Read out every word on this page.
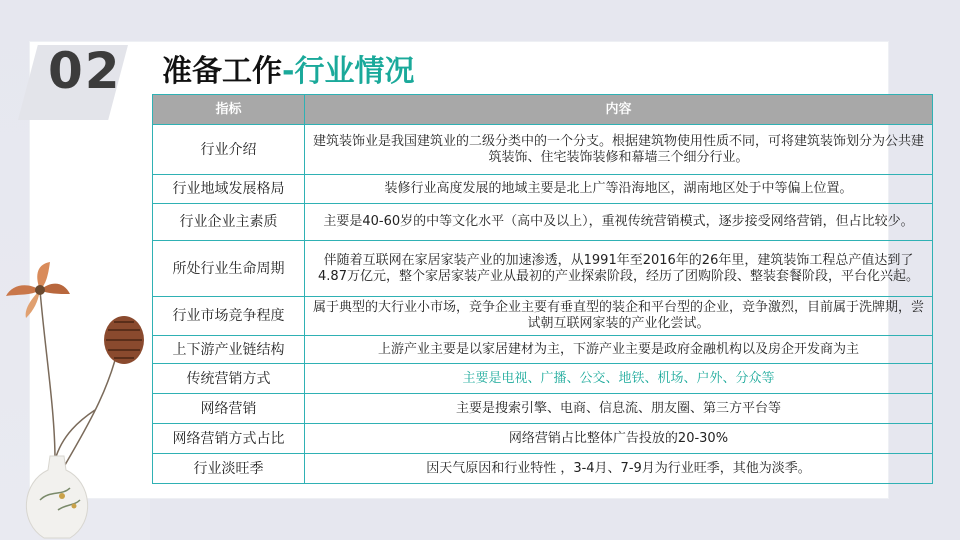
02 准备工作-行业情况
指标	内容
行业介绍	建筑装饰业是我国建筑业的二级分类中的一个分支。根据建筑物使用性质不同，可将建筑装饰划分为公共建筑装饰、住宅装饰装修和幕墙三个细分行业。
行业地域发展格局	装修行业高度发展的地域主要是北上广等沿海地区，湖南地区处于中等偏上位置。
行业企业主素质	主要是40-60岁的中等文化水平（高中及以上），重视传统营销模式，逐步接受网络营销，但占比较少。
所处行业生命周期	伴随着互联网在家居家装产业的加速渗透，从1991年至2016年的26年里，建筑装饰工程总产值达到了4.87万亿元，整个家居家装产业从最初的产业探索阶段，经历了团购阶段、整装套餐阶段，平台化兴起。
行业市场竞争程度	属于典型的大行业小市场，竞争企业主要有垂直型的装企和平台型的企业，竞争激烈，目前属于洗牌期，尝试朝互联网家装的产业化尝试。
上下游产业链结构	上游产业主要是以家居建材为主，下游产业主要是政府金融机构以及房企开发商为主
传统营销方式	主要是电视、广播、公交、地铁、机场、户外、分众等
网络营销	主要是搜索引擎、电商、信息流、朋友圈、第三方平台等
网络营销方式占比	网络营销占比整体广告投放的20-30%
行业淡旺季	因天气原因和行业特性 ，3-4月、7-9月为行业旺季，其他为淡季。
